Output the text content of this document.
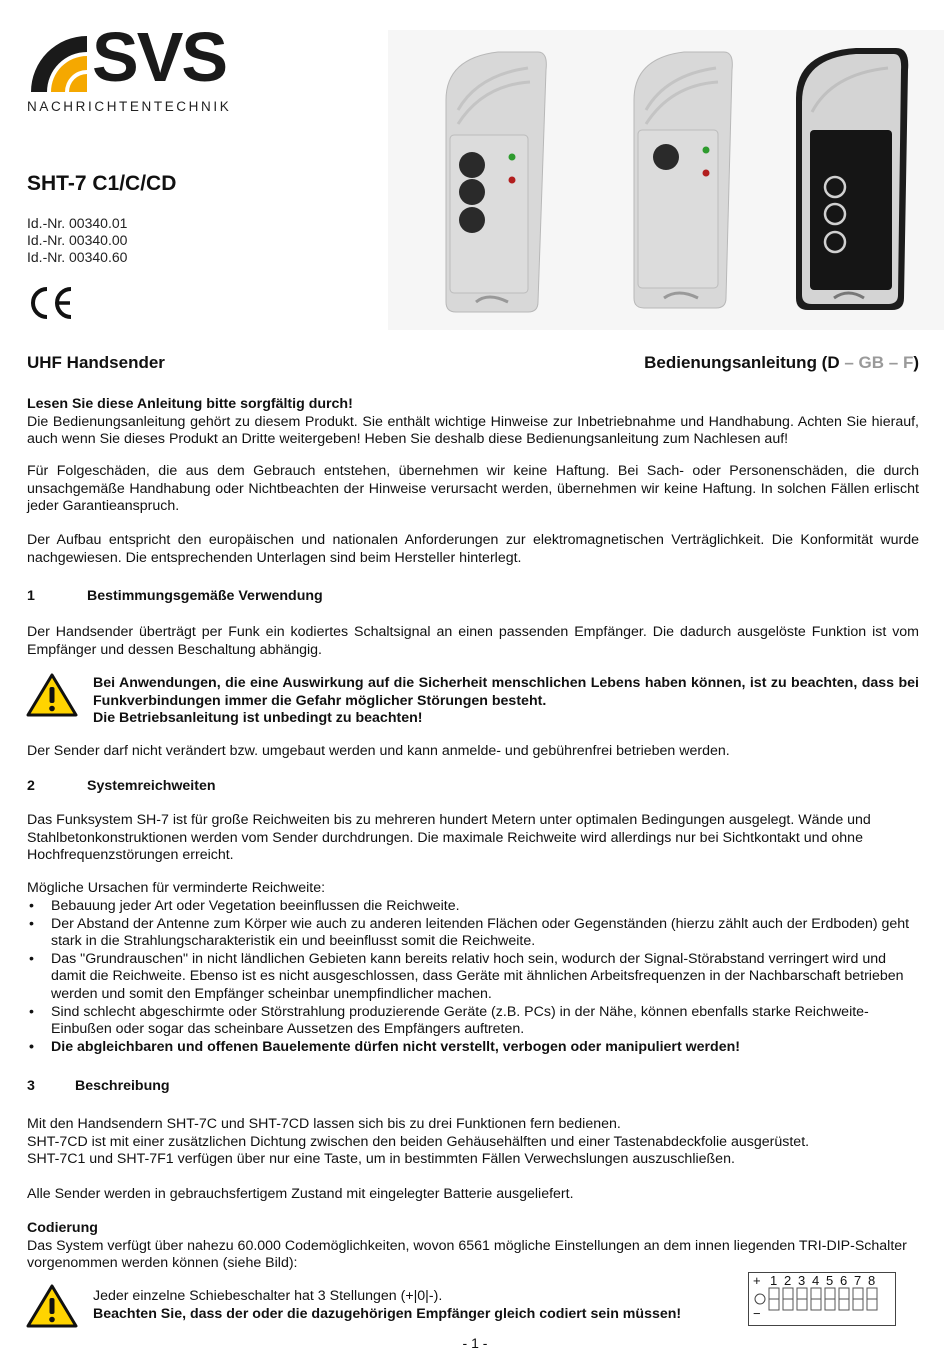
SVS
NACHRICHTENTECHNIK
SHT-7 C1/C/CD
Id.-Nr. 00340.01
Id.-Nr. 00340.00
Id.-Nr. 00340.60
UHF Handsender	Bedienungsanleitung (D – GB – F)

Lesen Sie diese Anleitung bitte sorgfältig durch!

Die Bedienungsanleitung gehört zu diesem Produkt. Sie enthält wichtige Hinweise zur Inbetriebnahme und Handhabung. Achten Sie hierauf, auch wenn Sie dieses Produkt an Dritte weitergeben! Heben Sie deshalb diese Bedienungsanleitung zum Nachlesen auf!

Für Folgeschäden, die aus dem Gebrauch entstehen, übernehmen wir keine Haftung. Bei Sach- oder Personenschäden, die durch unsachgemäße Handhabung oder Nichtbeachten der Hinweise verursacht werden, übernehmen wir keine Haftung. In solchen Fällen erlischt jeder Garantieanspruch.
Der Aufbau entspricht den europäischen und nationalen Anforderungen zur elektromagnetischen Verträglichkeit. Die Konformität wurde nachgewiesen. Die entsprechenden Unterlagen sind beim Hersteller hinterlegt.
1	Bestimmungsgemäße Verwendung
Der Handsender überträgt per Funk ein kodiertes Schaltsignal an einen passenden Empfänger. Die dadurch ausgelöste Funktion ist vom Empfänger und dessen Beschaltung abhängig.

Bei Anwendungen, die eine Auswirkung auf die Sicherheit menschlichen Lebens haben können, ist zu beachten, dass bei Funkverbindungen immer die Gefahr möglicher Störungen besteht.

Die Betriebsanleitung ist unbedingt zu beachten!

Der Sender darf nicht verändert bzw. umgebaut werden und kann anmelde- und gebührenfrei betrieben werden.
2	Systemreichweiten
Das Funksystem SH-7 ist für große Reichweiten bis zu mehreren hundert Metern unter optimalen Bedingungen ausgelegt. Wände und Stahlbetonkonstruktionen werden vom Sender durchdrungen. Die maximale Reichweite wird allerdings nur bei Sichtkontakt und ohne Hochfrequenzstörungen erreicht.
Mögliche Ursachen für verminderte Reichweite:
• Bebauung jeder Art oder Vegetation beeinflussen die Reichweite.
• Der Abstand der Antenne zum Körper wie auch zu anderen leitenden Flächen oder Gegenständen (hierzu zählt auch der Erdboden) geht stark in die Strahlungscharakteristik ein und beeinflusst somit die Reichweite.
• Das "Grundrauschen" in nicht ländlichen Gebieten kann bereits relativ hoch sein, wodurch der Signal-Störabstand verringert wird und damit die Reichweite. Ebenso ist es nicht ausgeschlossen, dass Geräte mit ähnlichen Arbeitsfrequenzen in der Nachbarschaft betrieben werden und somit den Empfänger scheinbar unempfindlicher machen.
• Sind schlecht abgeschirmte oder Störstrahlung produzierende Geräte (z.B. PCs) in der Nähe, können ebenfalls starke Reichweite-Einbußen oder sogar das scheinbare Aussetzen des Empfängers auftreten.
• Die abgleichbaren und offenen Bauelemente dürfen nicht verstellt, verbogen oder manipuliert werden!
3	Beschreibung

Mit den Handsendern SHT-7C und SHT-7CD lassen sich bis zu drei Funktionen fern bedienen.

SHT-7CD ist mit einer zusätzlichen Dichtung zwischen den beiden Gehäusehälften und einer Tastenabdeckfolie ausgerüstet.

SHT-7C1 und SHT-7F1 verfügen über nur eine Taste, um in bestimmten Fällen Verwechslungen auszuschließen.

Alle Sender werden in gebrauchsfertigem Zustand mit eingelegter Batterie ausgeliefert.

Codierung

Das System verfügt über nahezu 60.000 Codemöglichkeiten, wovon 6561 mögliche Einstellungen an dem innen liegenden TRI-DIP-Schalter vorgenommen werden können (siehe Bild):

Jeder einzelne Schiebeschalter hat 3 Stellungen (+|0|-).

Beachten Sie, dass der oder die dazugehörigen Empfänger gleich codiert sein müssen!

+
−
1 2 3 4 5 6 7 8
- 1 -
